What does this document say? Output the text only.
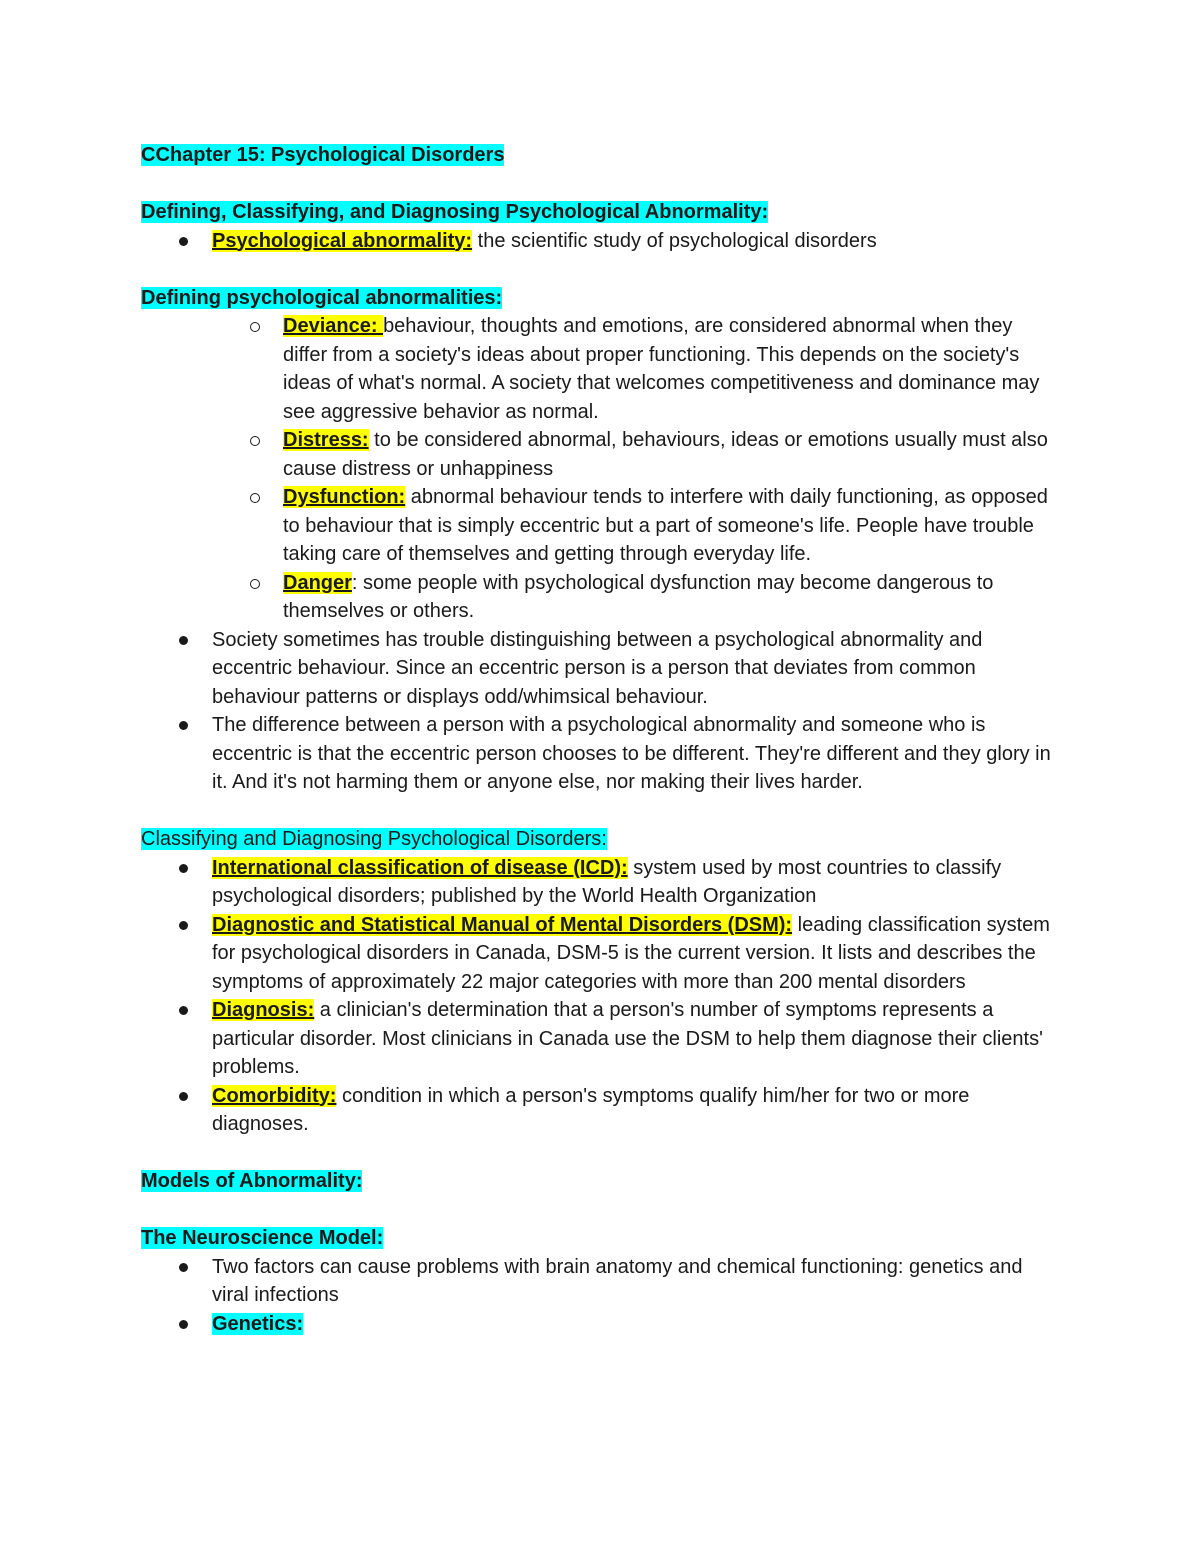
CChapter 15: Psychological Disorders
Defining, Classifying, and Diagnosing Psychological Abnormality:
Psychological abnormality: the scientific study of psychological disorders
Defining psychological abnormalities:
Deviance: behaviour, thoughts and emotions, are considered abnormal when they differ from a society's ideas about proper functioning. This depends on the society's ideas of what's normal. A society that welcomes competitiveness and dominance may see aggressive behavior as normal.
Distress: to be considered abnormal, behaviours, ideas or emotions usually must also cause distress or unhappiness
Dysfunction: abnormal behaviour tends to interfere with daily functioning, as opposed to behaviour that is simply eccentric but a part of someone's life. People have trouble taking care of themselves and getting through everyday life.
Danger: some people with psychological dysfunction may become dangerous to themselves or others.
Society sometimes has trouble distinguishing between a psychological abnormality and eccentric behaviour. Since an eccentric person is a person that deviates from common behaviour patterns or displays odd/whimsical behaviour.
The difference between a person with a psychological abnormality and someone who is eccentric is that the eccentric person chooses to be different. They're different and they glory in it. And it's not harming them or anyone else, nor making their lives harder.
Classifying and Diagnosing Psychological Disorders:
International classification of disease (ICD): system used by most countries to classify psychological disorders; published by the World Health Organization
Diagnostic and Statistical Manual of Mental Disorders (DSM): leading classification system for psychological disorders in Canada, DSM-5 is the current version. It lists and describes the symptoms of approximately 22 major categories with more than 200 mental disorders
Diagnosis: a clinician's determination that a person's number of symptoms represents a particular disorder. Most clinicians in Canada use the DSM to help them diagnose their clients' problems.
Comorbidity: condition in which a person's symptoms qualify him/her for two or more diagnoses.
Models of Abnormality:
The Neuroscience Model:
Two factors can cause problems with brain anatomy and chemical functioning: genetics and viral infections
Genetics:
